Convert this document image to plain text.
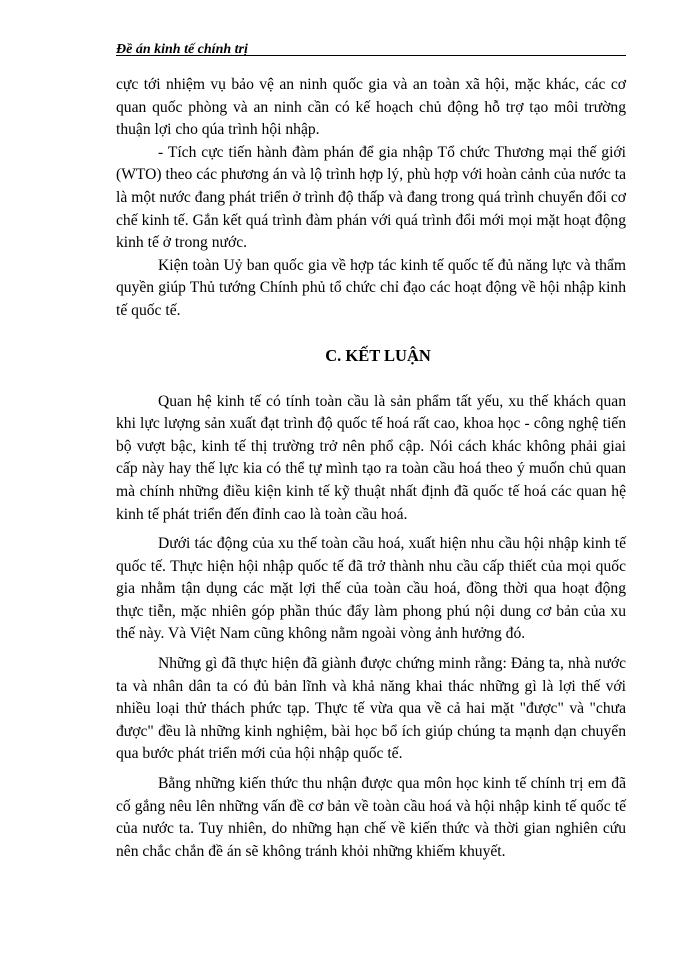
Đề án kinh tế chính trị

cực tới nhiệm vụ bảo vệ an ninh quốc gia và an toàn xã hội, mặc khác, các cơ quan quốc phòng và an ninh cần có kế hoạch chủ động hỗ trợ tạo môi trường thuận lợi cho qúa trình hội nhập.

- Tích cực tiến hành đàm phán để gia nhập Tổ chức Thương mại thế giới (WTO) theo các phương án và lộ trình hợp lý, phù hợp với hoàn cảnh của nước ta là một nước đang phát triển ở trình độ thấp và đang trong quá trình chuyển đổi cơ chế kinh tế. Gắn kết quá trình đàm phán với quá trình đổi mới mọi mặt hoạt động kinh tế ở trong nước.

Kiện toàn Uỷ ban quốc gia về hợp tác kinh tế quốc tế đủ năng lực và thẩm quyền giúp Thủ tướng Chính phủ tổ chức chỉ đạo các hoạt động về hội nhập kinh tế quốc tế.

C. KẾT LUẬN

Quan hệ kinh tế có tính toàn cầu là sản phẩm tất yếu, xu thế khách quan khi lực lượng sản xuất đạt trình độ quốc tế hoá rất cao, khoa học - công nghệ tiến bộ vượt bậc, kinh tế thị trường trở nên phổ cập. Nói cách khác không phải giai cấp này hay thế lực kia có thể tự mình tạo ra toàn cầu hoá theo ý muốn chủ quan mà chính những điều kiện kinh tế kỹ thuật nhất định đã quốc tế hoá các quan hệ kinh tế phát triển đến đỉnh cao là toàn cầu hoá.

Dưới tác động của xu thế toàn cầu hoá, xuất hiện nhu cầu hội nhập kinh tế quốc tế. Thực hiện hội nhập quốc tế đã trở thành nhu cầu cấp thiết của mọi quốc gia nhằm tận dụng các mặt lợi thế của toàn cầu hoá, đồng thời qua hoạt động thực tiễn, mặc nhiên góp phần thúc đẩy làm phong phú nội dung cơ bản của xu thế này. Và Việt Nam cũng không nằm ngoài vòng ảnh hưởng đó.

Những gì đã thực hiện đã giành được chứng minh rằng: Đảng ta, nhà nước ta và nhân dân ta có đủ bản lĩnh và khả năng khai thác những gì là lợi thế với nhiều loại thử thách phức tạp. Thực tế vừa qua về cả hai mặt "được" và "chưa được" đều là những kinh nghiệm, bài học bổ ích giúp chúng ta mạnh dạn chuyển qua bước phát triển mới của hội nhập quốc tế.

Bằng những kiến thức thu nhận được qua môn học kinh tế chính trị em đã cố gắng nêu lên những vấn đề cơ bản về toàn cầu hoá và hội nhập kinh tế quốc tế của nước ta. Tuy nhiên, do những hạn chế về kiến thức và thời gian nghiên cứu nên chắc chắn đề án sẽ không tránh khỏi những khiếm khuyết.
